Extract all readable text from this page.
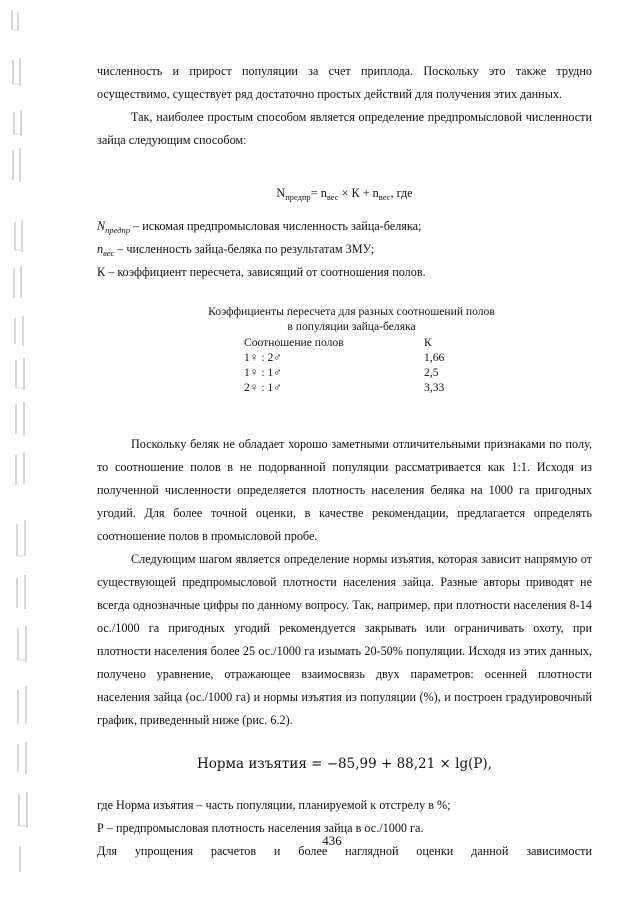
численность и прирост популяции за счет приплода. Поскольку это также трудно осуществимо, существует ряд достаточно простых действий для получения этих данных.

Так, наиболее простым способом является определение предпромысловой численности зайца следующим способом:

$N_{предпр}= n_{вес} \times К + n_{вес}$, где

$N_{предпр}$ – искомая предпромысловая численность зайца-беляка;

$n_{вес}$ – численность зайца-беляка по результатам ЗМУ;

К – коэффициент пересчета, зависящий от соотношения полов.

Коэффициенты пересчета для разных соотношений полов

в популяции зайца-беляка

Соотношение полов	К
1♀ : 2♂	1,66
1♀ : 1♂	2,5
2♀ : 1♂	3,33

Поскольку беляк не обладает хорошо заметными отличительными признаками по полу, то соотношение полов в не подорванной популяции рассматривается как 1:1. Исходя из полученной численности определяется плотность населения беляка на 1000 га пригодных угодий. Для более точной оценки, в качестве рекомендации, предлагается определять соотношение полов в промысловой пробе.

Следующим шагом является определение нормы изъятия, которая зависит напрямую от существующей предпромысловой плотности населения зайца. Разные авторы приводят не всегда однозначные цифры по данному вопросу. Так, например, при плотности населения 8-14 ос./1000 га пригодных угодий рекомендуется закрывать или ограничивать охоту, при плотности населения более 25 ос./1000 га изымать 20-50% популяции. Исходя из этих данных, получено уравнение, отражающее взаимосвязь двух параметров: осенней плотности населения зайца (ос./1000 га) и нормы изъятия из популяции (%), и построен градуировочный график, приведенный ниже (рис. 6.2).

Норма изъятия = −85,99 + 88,21 × lg(P),

где Норма изъятия – часть популяции, планируемой к отстрелу в %;

Р – предпромысловая плотность населения зайца в ос./1000 га.

Для упрощения расчетов и более наглядной оценки данной зависимости

436
